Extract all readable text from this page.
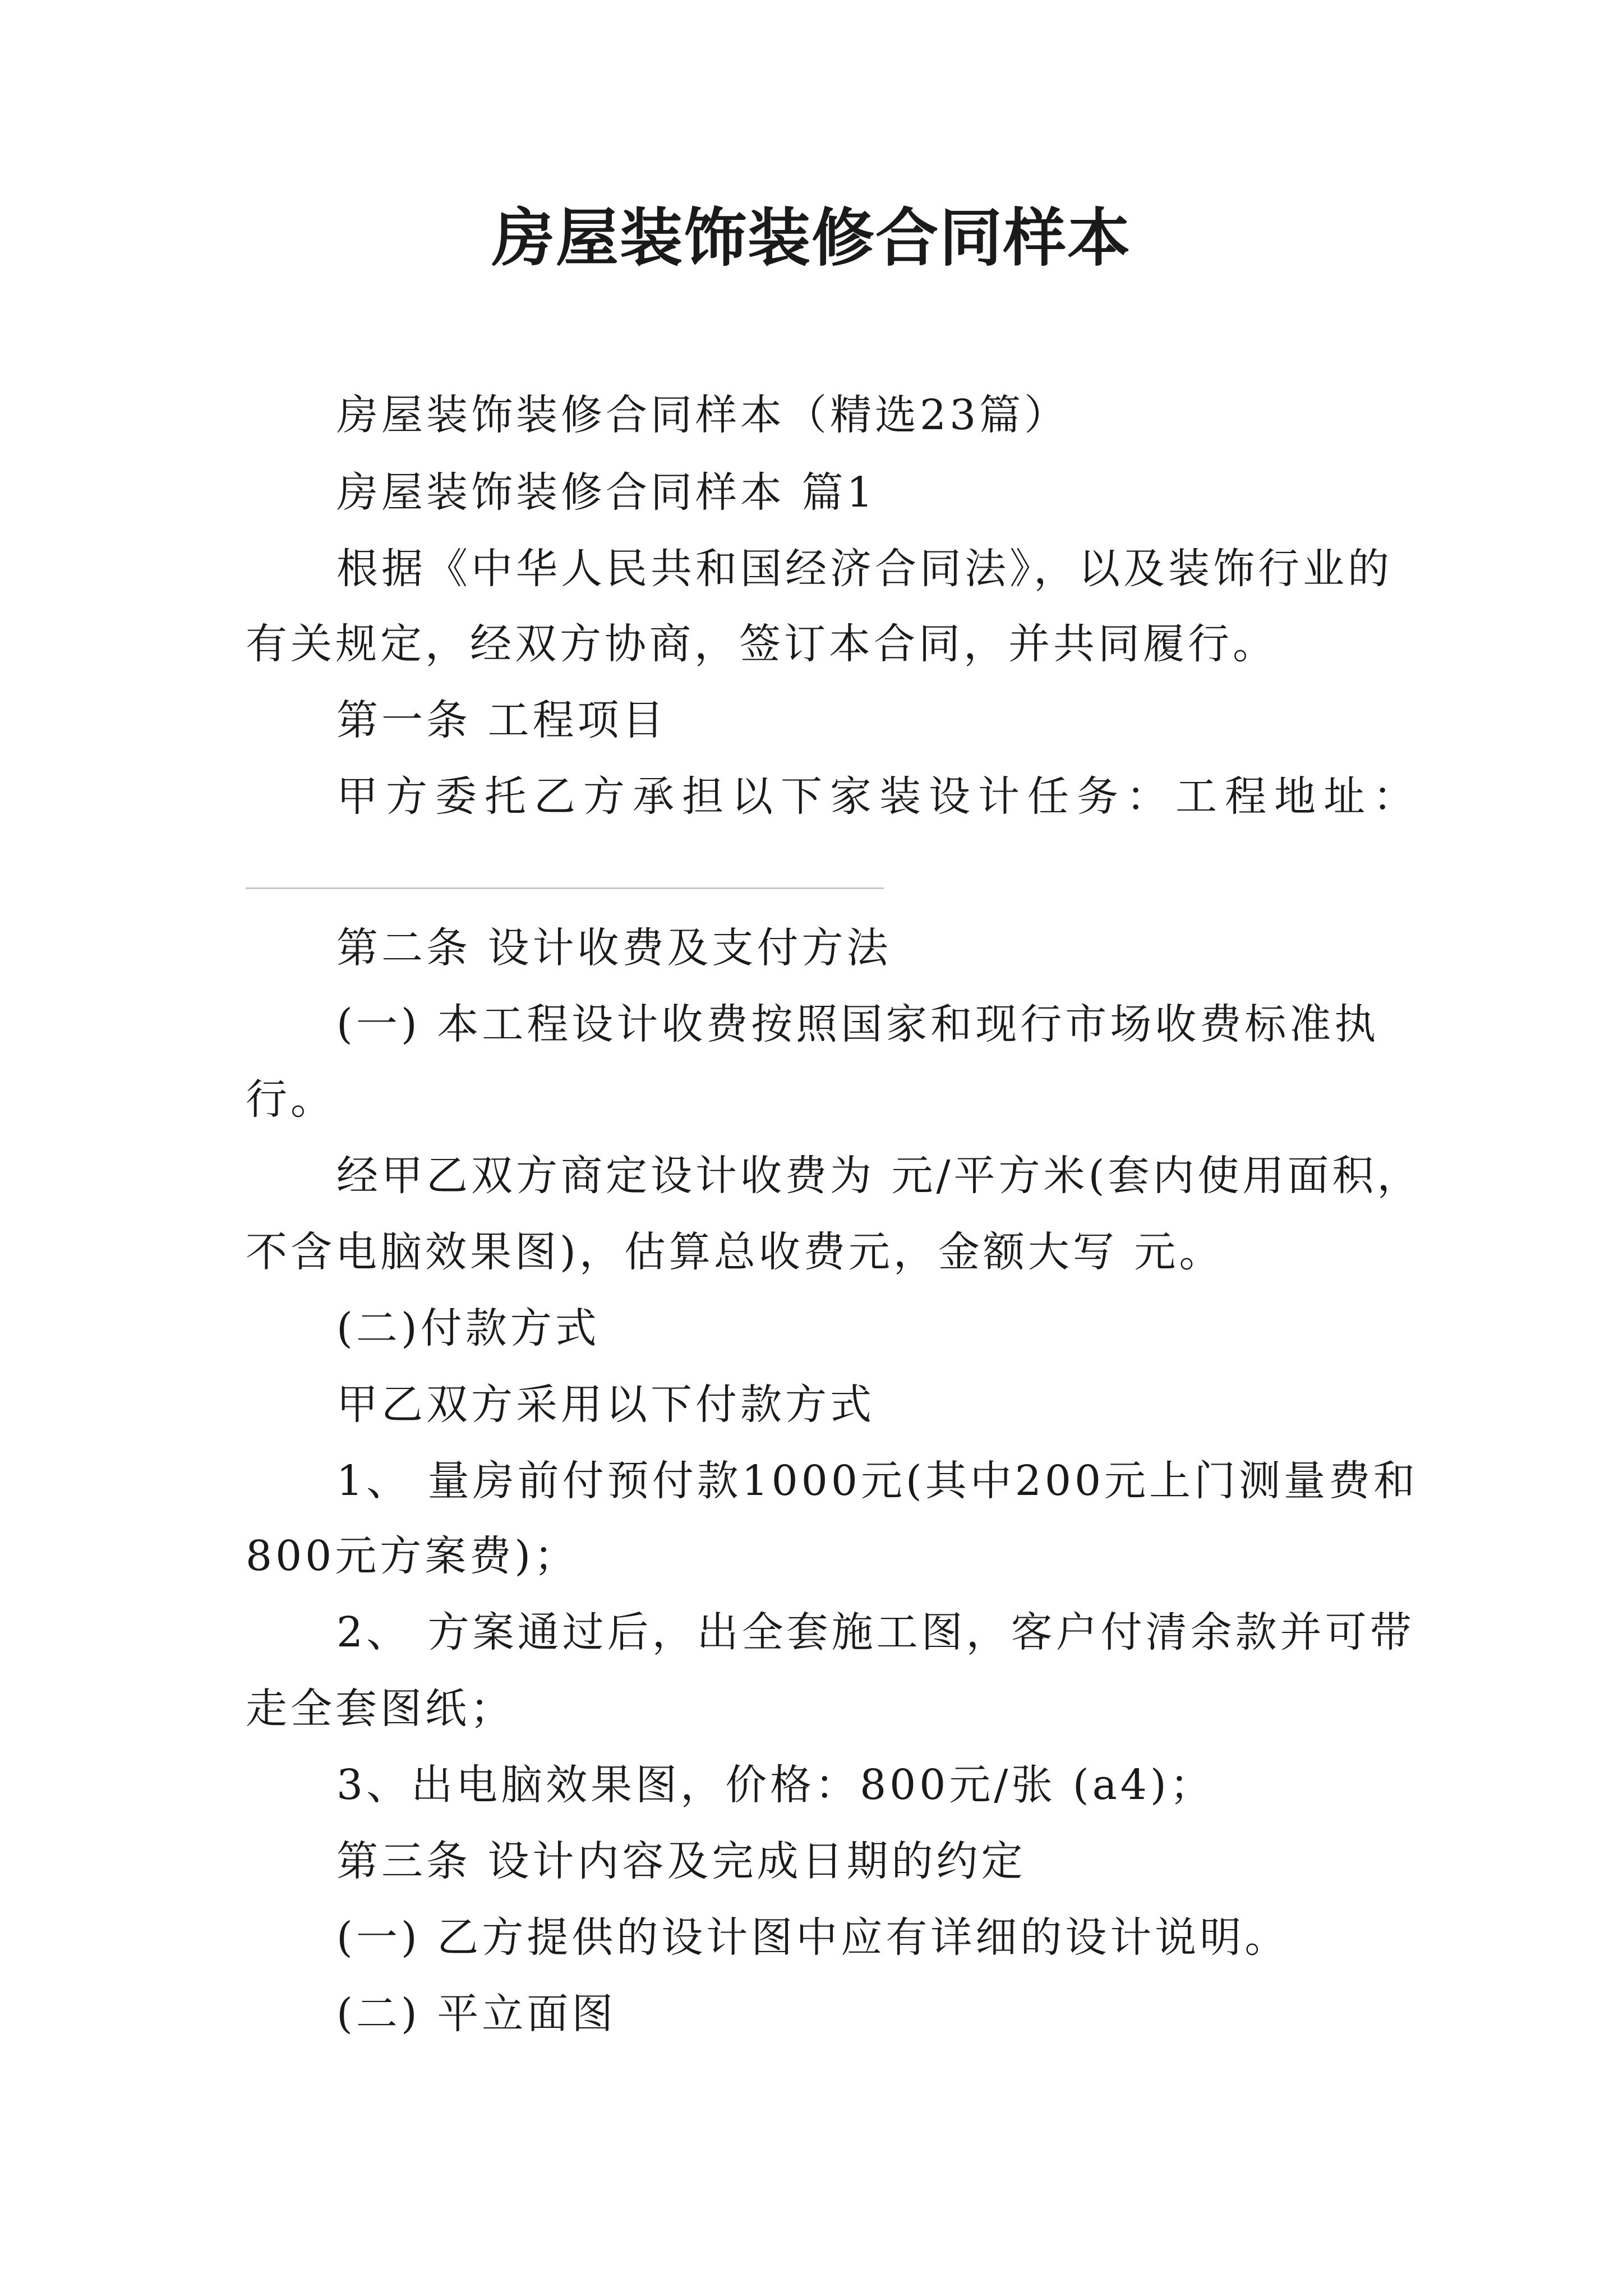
房屋装饰装修合同样本
房屋装饰装修合同样本（精选23篇）
房屋装饰装修合同样本 篇1
根据《中华人民共和国经济合同法》，以及装饰行业的
有关规定，经双方协商，签订本合同，并共同履行。
第一条 工程项目
甲方委托乙方承担以下家装设计任务：工程地址：
第二条 设计收费及支付方法
(一) 本工程设计收费按照国家和现行市场收费标准执
行。
经甲乙双方商定设计收费为 元/平方米(套内使用面积，
不含电脑效果图)，估算总收费元，金额大写 元。
(二)付款方式
甲乙双方采用以下付款方式
1、 量房前付预付款1000元(其中200元上门测量费和
800元方案费)；
2、 方案通过后，出全套施工图，客户付清余款并可带
走全套图纸；
3、出电脑效果图，价格：800元/张 (a4)；
第三条 设计内容及完成日期的约定
(一) 乙方提供的设计图中应有详细的设计说明。
(二) 平立面图
